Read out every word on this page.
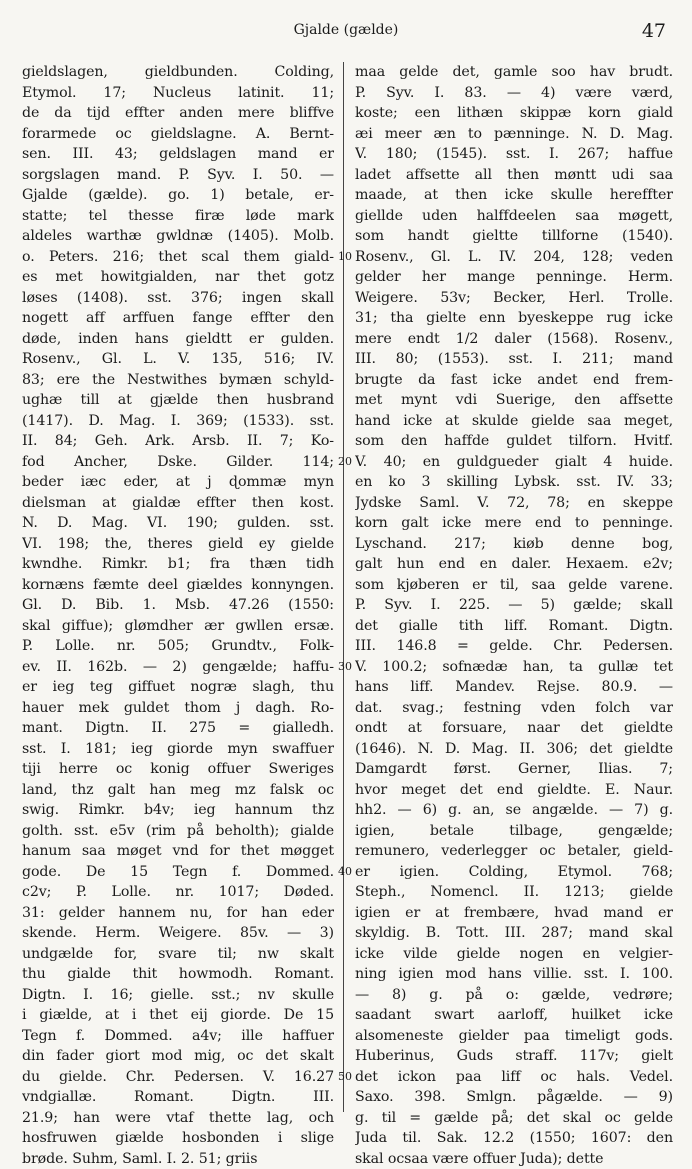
Gjalde (gælde)	47
gieldslagen, gieldbunden. Colding,
Etymol. 17; Nucleus latinit. 11;
de da tijd effter anden mere bliffve
forarmede oc gieldslagne. A. Bernt-
sen. III. 43; geldslagen mand er
sorgslagen mand. P. Syv. I. 50. —
Gjalde (gælde). go. 1) betale, er-
statte; tel thesse firæ løde mark
aldeles warthæ gwldnæ (1405). Molb.
o. Peters. 216; thet scal them giald-
es met howitgialden, nar thet gotz
løses (1408). sst. 376; ingen skall
nogett aff arffuen fange effter den
døde, inden hans gieldtt er gulden.
Rosenv., Gl. L. V. 135, 516; IV.
83; ere the Nestwithes bymæn schyld-
ughæ till at gjælde then husbrand
(1417). D. Mag. I. 369; (1533). sst.
II. 84; Geh. Ark. Arsb. II. 7; Ko-
fod Ancher, Dske. Gilder. 114;
beder iæc eder, at j ɖommæ myn
dielsman at gialdæ effter then kost.
N. D. Mag. VI. 190; gulden. sst.
VI. 198; the, theres gield ey gielde
kwndhe. Rimkr. b1; fra thæn tidh
kornæns fæmte deel giældes konnyngen.
Gl. D. Bib. 1. Msb. 47.26 (1550:
skal giffue); glømdher ær gwllen ersæ.
P. Lolle. nr. 505; Grundtv., Folk-
ev. II. 162b. — 2) gengælde; haffu-
er ieg teg giffuet nogræ slagh, thu
hauer mek guldet thom j dagh. Ro-
mant. Digtn. II. 275 = gialledh.
sst. I. 181; ieg giorde myn swaffuer
tiji herre oc konig offuer Sweriges
land, thz galt han meg mz falsk oc
swig. Rimkr. b4v; ieg hannum thz
golth. sst. e5v (rim på beholth); gialde
hanum saa møget vnd for thet møgget
gode. De 15 Tegn f. Dommed.
c2v; P. Lolle. nr. 1017; Døded.
31: gelder hannem nu, for han eder
skende. Herm. Weigere. 85v. — 3)
undgælde for, svare til; nw skalt
thu gialde thit howmodh. Romant.
Digtn. I. 16; gielle. sst.; nv skulle
i giælde, at i thet eij giorde. De 15
Tegn f. Dommed. a4v; ille haffuer
din fader giort mod mig, oc det skalt
du gielde. Chr. Pedersen. V. 16.27
vndgiallæ. Romant. Digtn. III.
21.9; han were vtaf thette lag, och
hosfruwen giælde hosbonden i slige
brøde. Suhm, Saml. I. 2. 51; griis
10
20
30
40
50
maa gelde det, gamle soo hav brudt.
P. Syv. I. 83. — 4) være værd,
koste; een lithæn skippæ korn giald
æi meer æn to pænninge. N. D. Mag.
V. 180; (1545). sst. I. 267; haffue
ladet affsette all then møntt udi saa
maade, at then icke skulle hereffter
giellde uden halffdeelen saa møgett,
som handt gieltte tillforne (1540).
Rosenv., Gl. L. IV. 204, 128; veden
gelder her mange penninge. Herm.
Weigere. 53v; Becker, Herl. Trolle.
31; tha gielte enn byeskeppe rug icke
mere endt 1/2 daler (1568). Rosenv.,
III. 80; (1553). sst. I. 211; mand
brugte da fast icke andet end frem-
met mynt vdi Suerige, den affsette
hand icke at skulde gielde saa meget,
som den haffde guldet tilforn. Hvitf.
V. 40; en guldgueder gialt 4 huide.
en ko 3 skilling Lybsk. sst. IV. 33;
Jydske Saml. V. 72, 78; en skeppe
korn galt icke mere end to penninge.
Lyschand. 217; kiøb denne bog,
galt hun end en daler. Hexaem. e2v;
som kjøberen er til, saa gelde varene.
P. Syv. I. 225. — 5) gælde; skall
det gialle tith liff. Romant. Digtn.
III. 146.8 = gelde. Chr. Pedersen.
V. 100.2; sofnædæ han, ta gullæ tet
hans liff. Mandev. Rejse. 80.9. —
dat. svag.; festning vden folch var
ondt at forsuare, naar det gieldte
(1646). N. D. Mag. II. 306; det gieldte
Damgardt først. Gerner, Ilias. 7;
hvor meget det end gieldte. E. Naur.
hh2. — 6) g. an, se angælde. — 7) g.
igien, betale tilbage, gengælde;
remunero, vederlegger oc betaler, gield-
er igien. Colding, Etymol. 768;
Steph., Nomencl. II. 1213; gielde
igien er at frembære, hvad mand er
skyldig. B. Tott. III. 287; mand skal
icke vilde gielde nogen en velgier-
ning igien mod hans villie. sst. I. 100.
— 8) g. på o: gælde, vedrøre;
saadant swart aarloff, huilket icke
alsomeneste gielder paa timeligt gods.
Huberinus, Guds straff. 117v; gielt
det ickon paa liff oc hals. Vedel.
Saxo. 398. Smlgn. pågælde. — 9)
g. til = gælde på; det skal oc gelde
Juda til. Sak. 12.2 (1550; 1607: den
skal ocsaa være offuer Juda); dette
